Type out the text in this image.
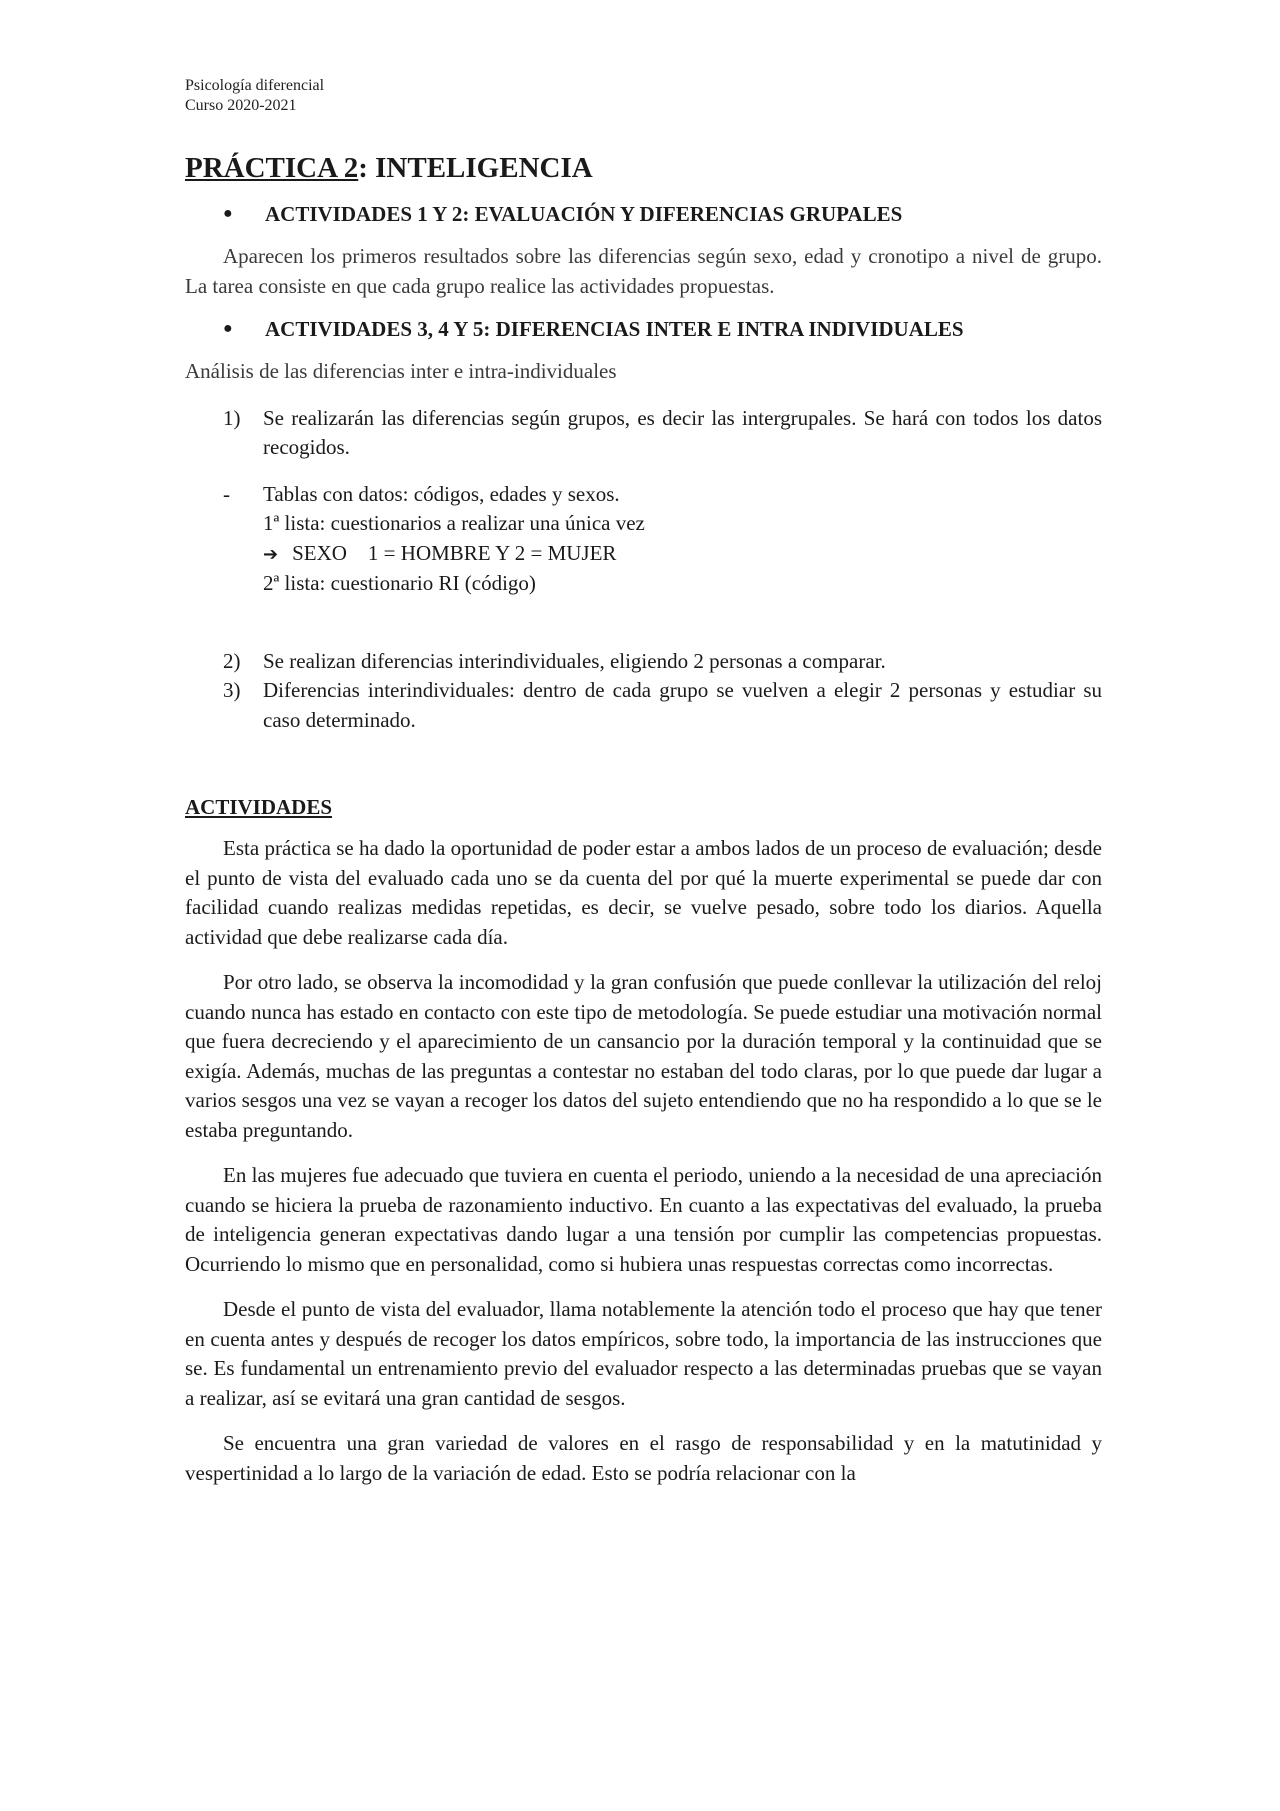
Psicología diferencial
Curso 2020-2021
PRÁCTICA 2: INTELIGENCIA
● ACTIVIDADES 1 Y 2: EVALUACIÓN Y DIFERENCIAS GRUPALES
Aparecen los primeros resultados sobre las diferencias según sexo, edad y cronotipo a nivel de grupo. La tarea consiste en que cada grupo realice las actividades propuestas.
● ACTIVIDADES 3, 4 Y 5: DIFERENCIAS INTER E INTRA INDIVIDUALES
Análisis de las diferencias inter e intra-individuales
1) Se realizarán las diferencias según grupos, es decir las intergrupales. Se hará con todos los datos recogidos.
- Tablas con datos: códigos, edades y sexos.
1ª lista: cuestionarios a realizar una única vez
➔ SEXO    1 = HOMBRE Y 2 = MUJER
2ª lista: cuestionario RI (código)
2) Se realizan diferencias interindividuales, eligiendo 2 personas a comparar.
3) Diferencias interindividuales: dentro de cada grupo se vuelven a elegir 2 personas y estudiar su caso determinado.
ACTIVIDADES
Esta práctica se ha dado la oportunidad de poder estar a ambos lados de un proceso de evaluación; desde el punto de vista del evaluado cada uno se da cuenta del por qué la muerte experimental se puede dar con facilidad cuando realizas medidas repetidas, es decir, se vuelve pesado, sobre todo los diarios. Aquella actividad que debe realizarse cada día.
Por otro lado, se observa la incomodidad y la gran confusión que puede conllevar la utilización del reloj cuando nunca has estado en contacto con este tipo de metodología. Se puede estudiar una motivación normal que fuera decreciendo y el aparecimiento de un cansancio por la duración temporal y la continuidad que se exigía. Además, muchas de las preguntas a contestar no estaban del todo claras, por lo que puede dar lugar a varios sesgos una vez se vayan a recoger los datos del sujeto entendiendo que no ha respondido a lo que se le estaba preguntando.
En las mujeres fue adecuado que tuviera en cuenta el periodo, uniendo a la necesidad de una apreciación cuando se hiciera la prueba de razonamiento inductivo. En cuanto a las expectativas del evaluado, la prueba de inteligencia generan expectativas dando lugar a una tensión por cumplir las competencias propuestas. Ocurriendo lo mismo que en personalidad, como si hubiera unas respuestas correctas como incorrectas.
Desde el punto de vista del evaluador, llama notablemente la atención todo el proceso que hay que tener en cuenta antes y después de recoger los datos empíricos, sobre todo, la importancia de las instrucciones que se. Es fundamental un entrenamiento previo del evaluador respecto a las determinadas pruebas que se vayan a realizar, así se evitará una gran cantidad de sesgos.
Se encuentra una gran variedad de valores en el rasgo de responsabilidad y en la matutinidad y vespertinidad a lo largo de la variación de edad. Esto se podría relacionar con la
